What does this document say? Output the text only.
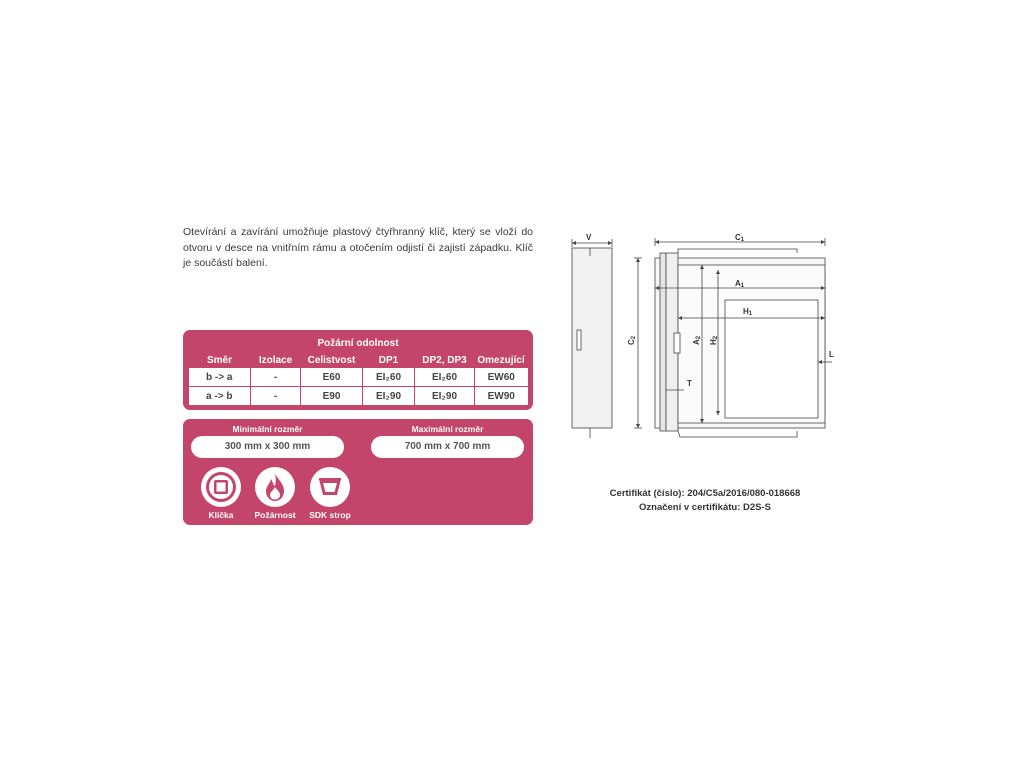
Otevírání a zavírání umožňuje plastový čtyřhranný klíč, který se vloží do otvoru v desce na vnitřním rámu a otočením odjistí či zajistí západku. Klíč je součástí balení.
Požární odolnost
Směr	Izolace	Celistvost	DP1	DP2, DP3	Omezující
b -> a	-	E60	EI₂60	EI₂60	EW60
a -> b	-	E90	EI₂90	EI₂90	EW90
Minimální rozměr
300 mm x 300 mm
Maximální rozměr
700 mm x 700 mm
Klička	Požárnost	SDK strop
V	C1
A1
H1
C2
A2
H2
L
T
Certifikát (číslo): 204/C5a/2016/080-018668
Označení v certifikátu: D2S-S
